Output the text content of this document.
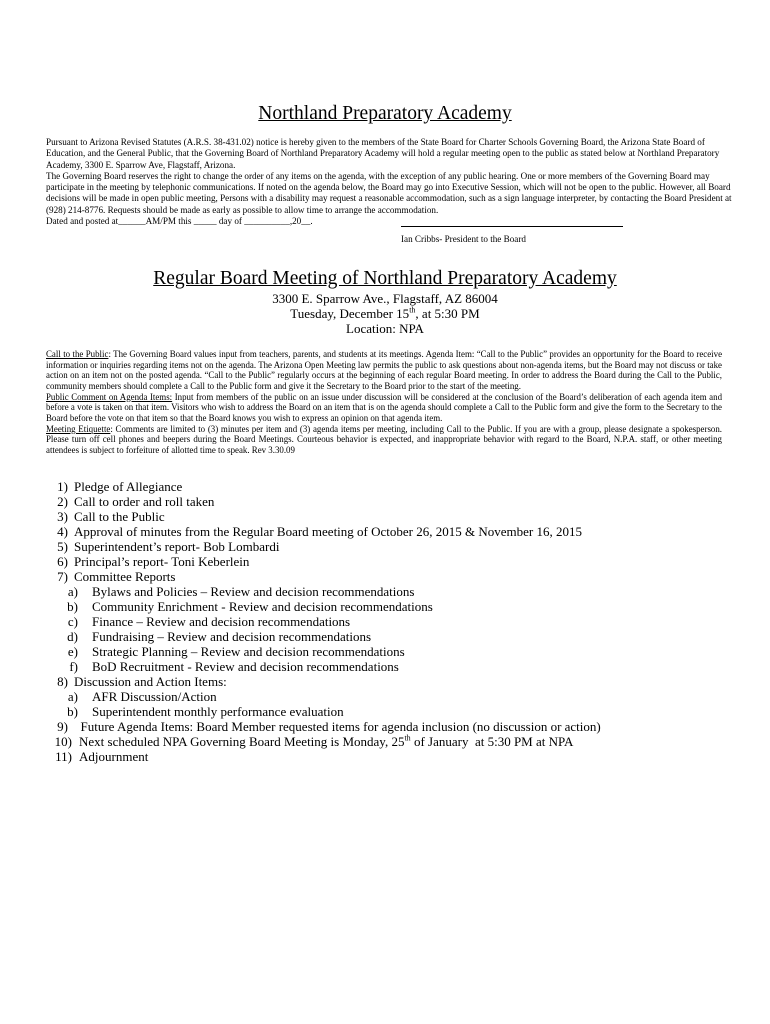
Northland Preparatory Academy

Pursuant to Arizona Revised Statutes (A.R.S. 38-431.02) notice is hereby given to the members of the State Board for Charter Schools Governing Board, the Arizona State Board of Education, and the General Public, that the Governing Board of Northland Preparatory Academy will hold a regular meeting open to the public as stated below at Northland Preparatory Academy, 3300 E. Sparrow Ave, Flagstaff, Arizona.

The Governing Board reserves the right to change the order of any items on the agenda, with the exception of any public hearing. One or more members of the Governing Board may participate in the meeting by telephonic communications. If noted on the agenda below, the Board may go into Executive Session, which will not be open to the public. However, all Board decisions will be made in open public meeting, Persons with a disability may request a reasonable accommodation, such as a sign language interpreter, by contacting the Board President at (928) 214-8776. Requests should be made as early as possible to allow time to arrange the accommodation.

Dated and posted at______AM/PM this _____ day of __________,20__.

Ian Cribbs- President to the Board
Regular Board Meeting of Northland Preparatory Academy
3300 E. Sparrow Ave., Flagstaff, AZ 86004
Tuesday, December 15th, at 5:30 PM
Location: NPA

Call to the Public: The Governing Board values input from teachers, parents, and students at its meetings. Agenda Item: “Call to the Public” provides an opportunity for the Board to receive information or inquiries regarding items not on the agenda. The Arizona Open Meeting law permits the public to ask questions about non-agenda items, but the Board may not discuss or take action on an item not on the posted agenda. “Call to the Public” regularly occurs at the beginning of each regular Board meeting. In order to address the Board during the Call to the Public, community members should complete a Call to the Public form and give it the Secretary to the Board prior to the start of the meeting.

Public Comment on Agenda Items: Input from members of the public on an issue under discussion will be considered at the conclusion of the Board’s deliberation of each agenda item and before a vote is taken on that item. Visitors who wish to address the Board on an item that is on the agenda should complete a Call to the Public form and give the form to the Secretary to the Board before the vote on that item so that the Board knows you wish to express an opinion on that agenda item.

Meeting Etiquette: Comments are limited to (3) minutes per item and (3) agenda items per meeting, including Call to the Public. If you are with a group, please designate a spokesperson. Please turn off cell phones and beepers during the Board Meetings. Courteous behavior is expected, and inappropriate behavior with regard to the Board, N.P.A. staff, or other meeting attendees is subject to forfeiture of allotted time to speak. Rev 3.30.09

1) Pledge of Allegiance
2) Call to order and roll taken
3) Call to the Public
4) Approval of minutes from the Regular Board meeting of October 26, 2015 & November 16, 2015
5) Superintendent’s report- Bob Lombardi
6) Principal’s report- Toni Keberlein
7) Committee Reports
a) Bylaws and Policies – Review and decision recommendations
b) Community Enrichment - Review and decision recommendations
c) Finance – Review and decision recommendations
d) Fundraising – Review and decision recommendations
e) Strategic Planning – Review and decision recommendations
f) BoD Recruitment - Review and decision recommendations
8) Discussion and Action Items:
a) AFR Discussion/Action
b) Superintendent monthly performance evaluation
9) Future Agenda Items: Board Member requested items for agenda inclusion (no discussion or action)
10) Next scheduled NPA Governing Board Meeting is Monday, 25th of January  at 5:30 PM at NPA
11) Adjournment
